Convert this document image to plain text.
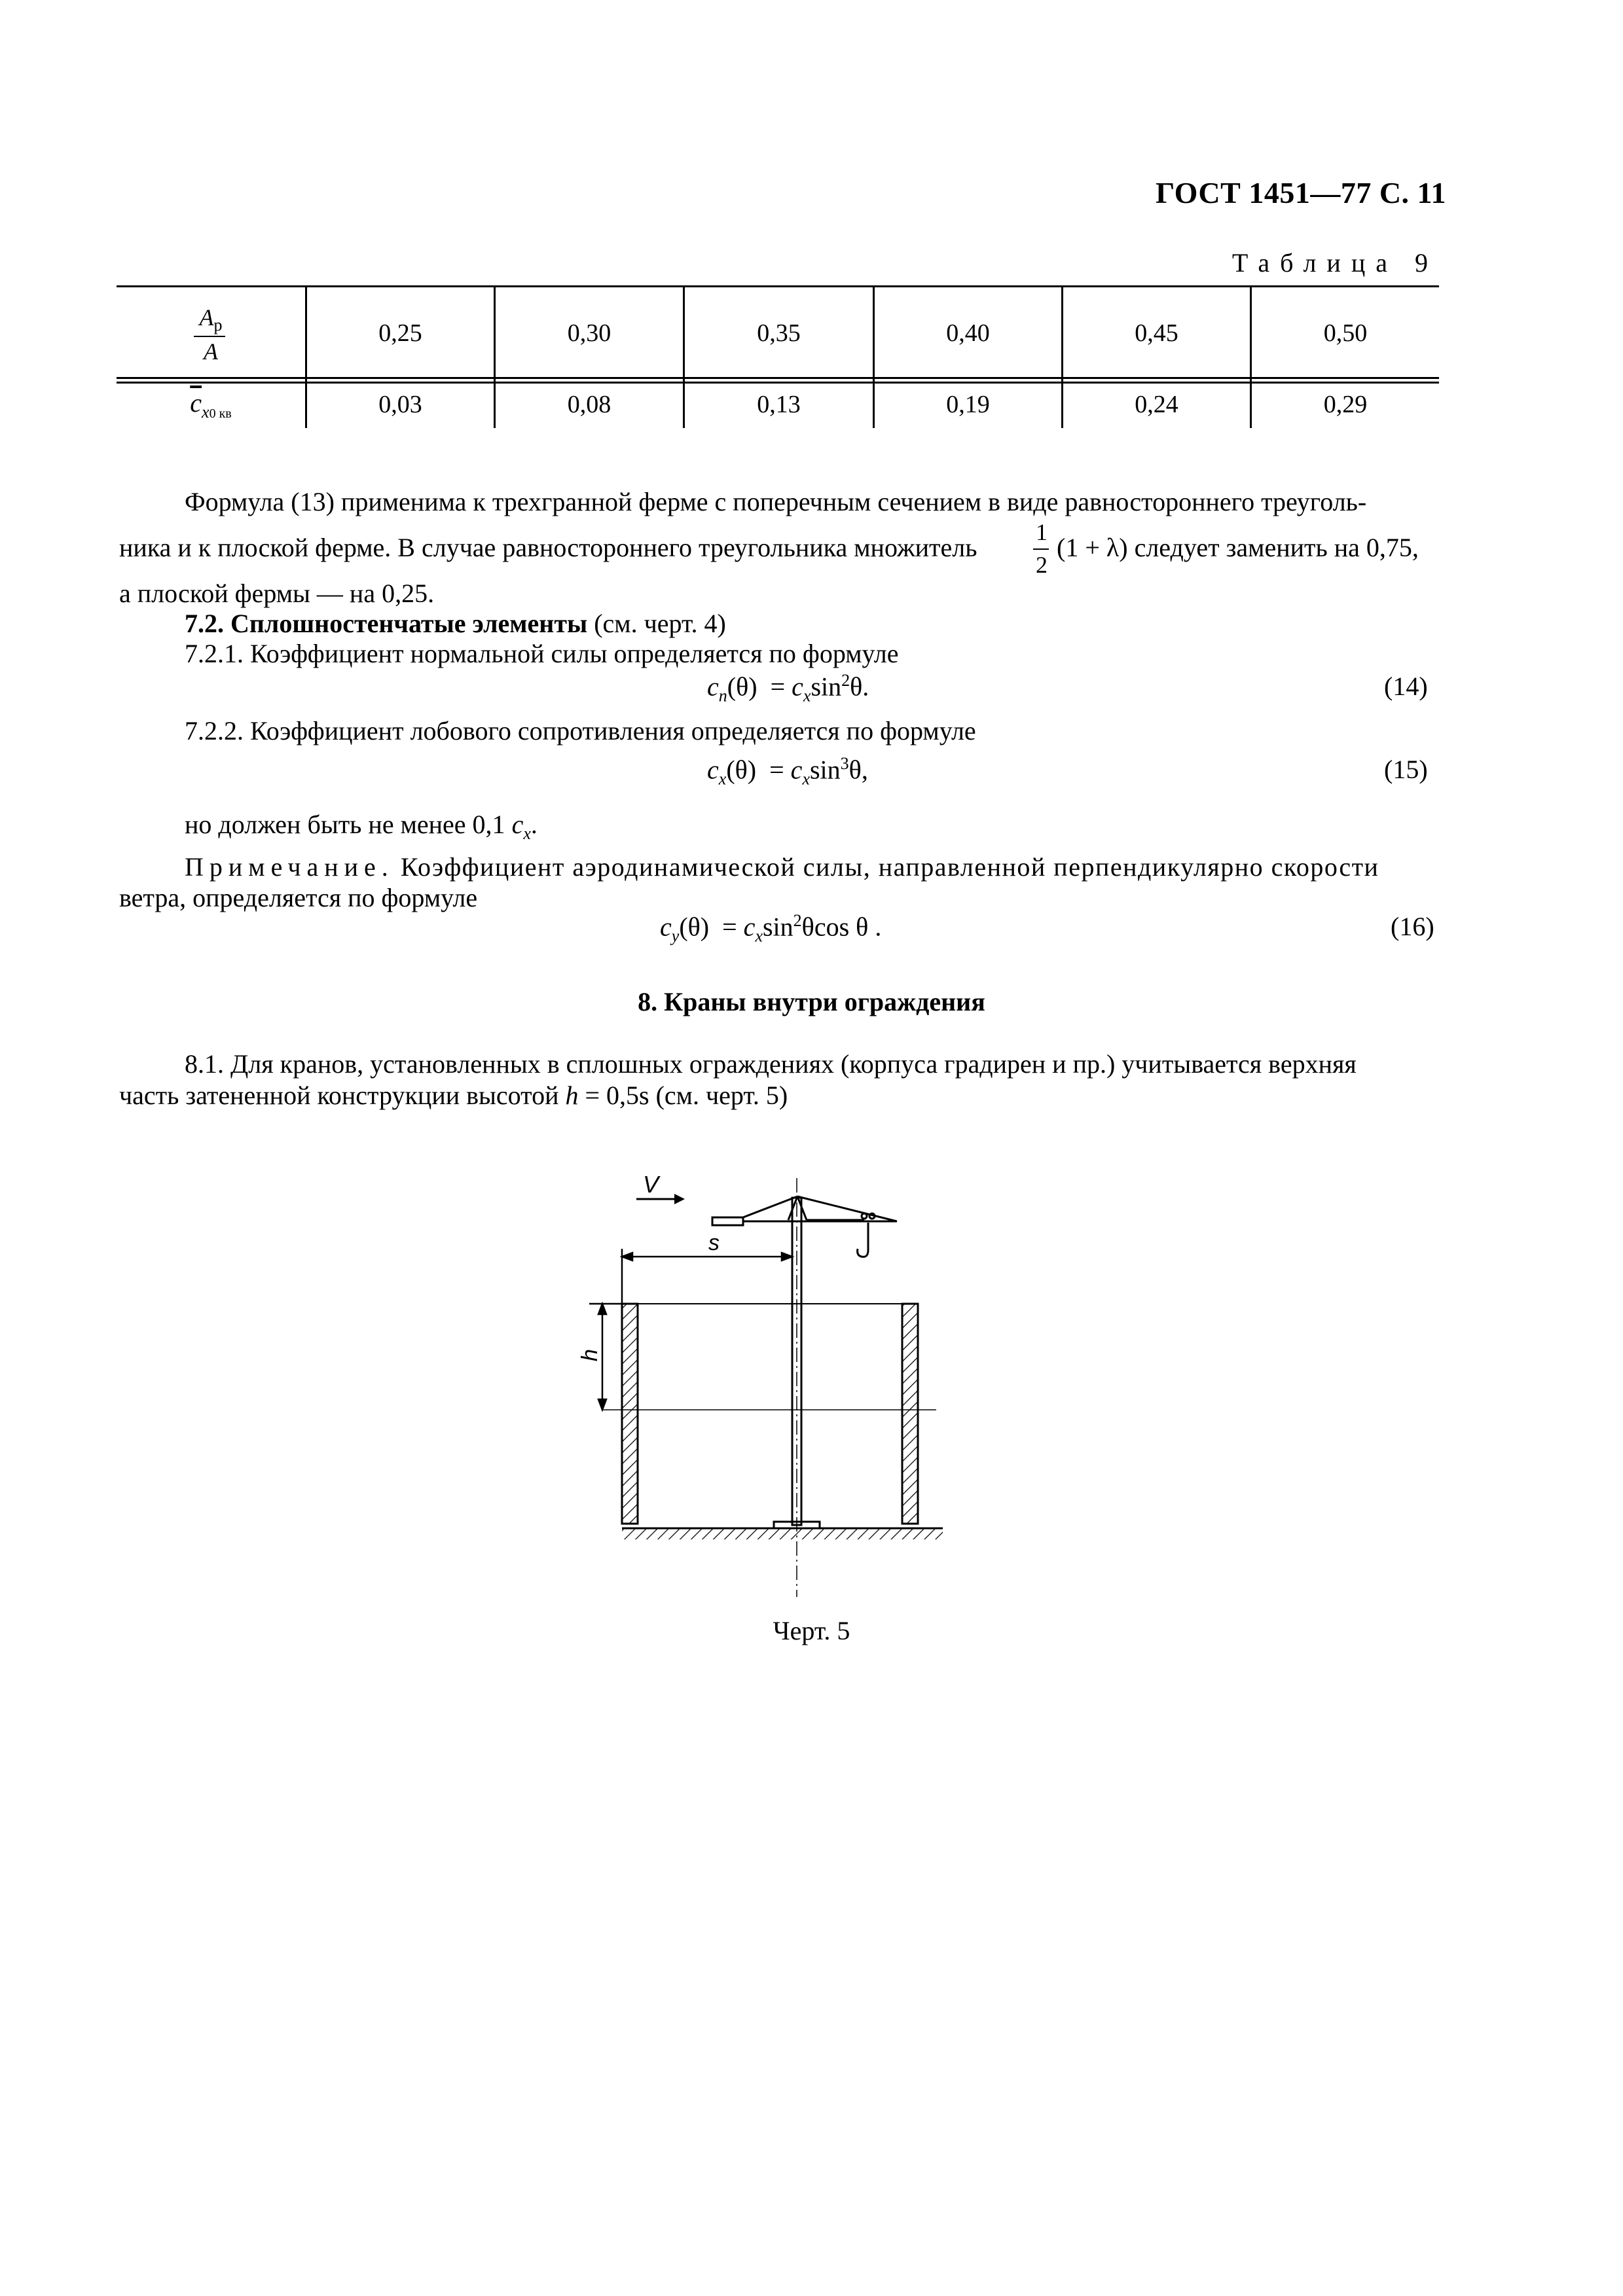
ГОСТ 1451—77 С. 11
Таблица 9
$A_p$
A
0,25	0,30	0,35	0,40	0,45	0,50
$\overline{c}_{x0 кв}$	0,03	0,08	0,13	0,19	0,24	0,29
Формула (13) применима к трехгранной ферме с поперечным сечением в виде равностороннего треуголь-
ника и к плоской ферме. В случае равностороннего треугольника множитель
1
2
(1 + λ) следует заменить на 0,75,
а плоской фермы — на 0,25.
7.2. Сплошностенчатые элементы (см. черт. 4)
7.2.1. Коэффициент нормальной силы определяется по формуле
$c_n(\theta) = c_x\sin^2\theta$.	(14)
7.2.2. Коэффициент лобового сопротивления определяется по формуле
$c_x(\theta) = c_x\sin^3\theta$,	(15)
но должен быть не менее 0,1 $c_x$.
Примечание. Коэффициент аэродинамической силы, направленной перпендикулярно скорости
ветра, определяется по формуле
$c_y(\theta) = c_x\sin^2\theta\cos$ θ .	(16)
8. Краны внутри ограждения
8.1. Для кранов, установленных в сплошных ограждениях (корпуса градирен и пр.) учитывается верхняя
часть затененной конструкции высотой h = 0,5s (см. черт. 5)
V
s
h
Черт. 5
